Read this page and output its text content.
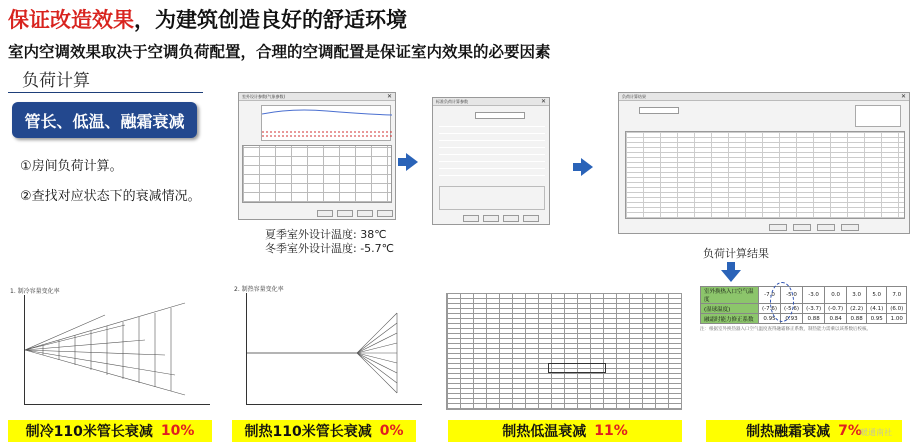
保证改造效果，为建筑创造良好的舒适环境
室内空调效果取决于空调负荷配置，合理的空调配置是保证室内效果的必要因素
负荷计算
管长、低温、融霜衰减
①房间负荷计算。
②查找对应状态下的衰减情况。
室外设计参数(气象参数)	✕
夏季室外设计温度: 38℃
冬季室外设计温度: -5.7℃
标准负荷计算参数	✕
负荷计算结果	✕
负荷计算结果
1. 制冷容量变化率	2. 制热容量变化率	室外换热入口空气温度	-7.0	-5.0	-3.0	0.0	3.0	5.0	7.0
(湿球温度)	(-7.6)	(-5.6)	(-3.7)	(-0.7)	(2.2)	(4.1)	(6.0)
融霜时能力修正系数	0.95	0.93	0.88	0.84	0.88	0.95	1.00
注：根据室外换热器入口空气温度查得融霜修正系数，制热能力需乘以该系数后校核。
制冷110米管长衰减 10%	制热110米管长衰减 0%	制热低温衰减 11%	制热融霜衰减 7%
暖通南社
